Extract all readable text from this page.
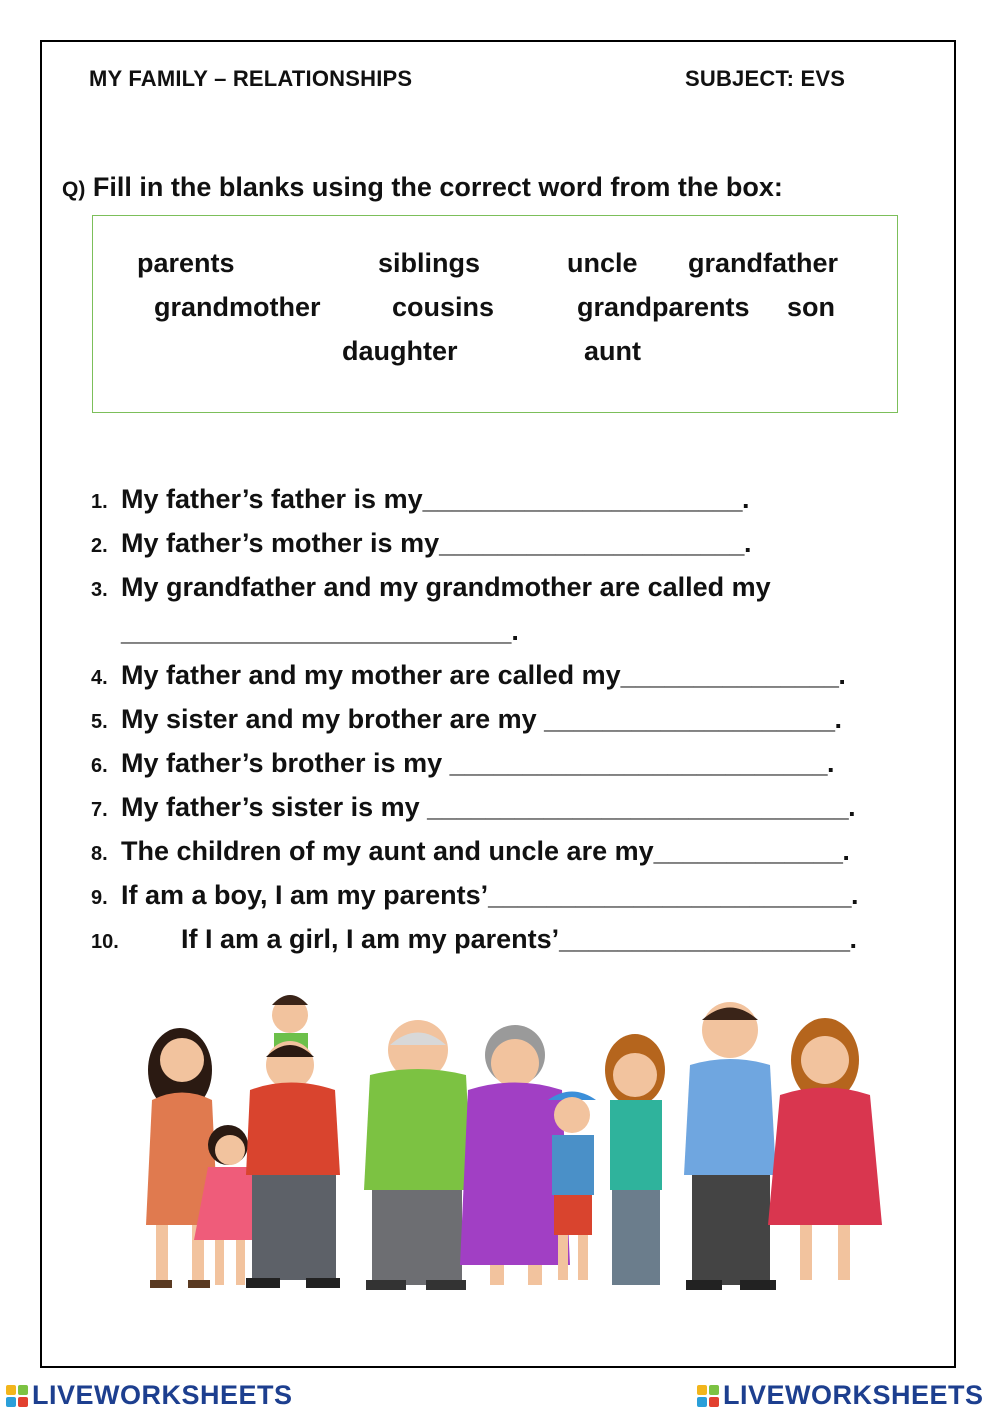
MY FAMILY – RELATIONSHIPS	SUBJECT: EVS
Q) Fill in the blanks using the correct word from the box:
parents	siblings	uncle grandfather
grandmother	cousins	grandparents son
daughter	aunt
1. My father’s father is my______________________.
2. My father’s mother is my_____________________.
3. My grandfather and my grandmother are called my
__________________________.
4. My father and my mother are called my_______________.
5. My sister and my brother are my ____________________.
6. My father’s brother is my __________________________.
7. My father’s sister is my _____________________________.
8. The children of my aunt and uncle are my_____________.
9. If am a boy, I am my parents’_________________________.
10. If I am a girl, I am my parents’____________________.
LIVEWORKSHEETS	LIVEWORKSHEETS
